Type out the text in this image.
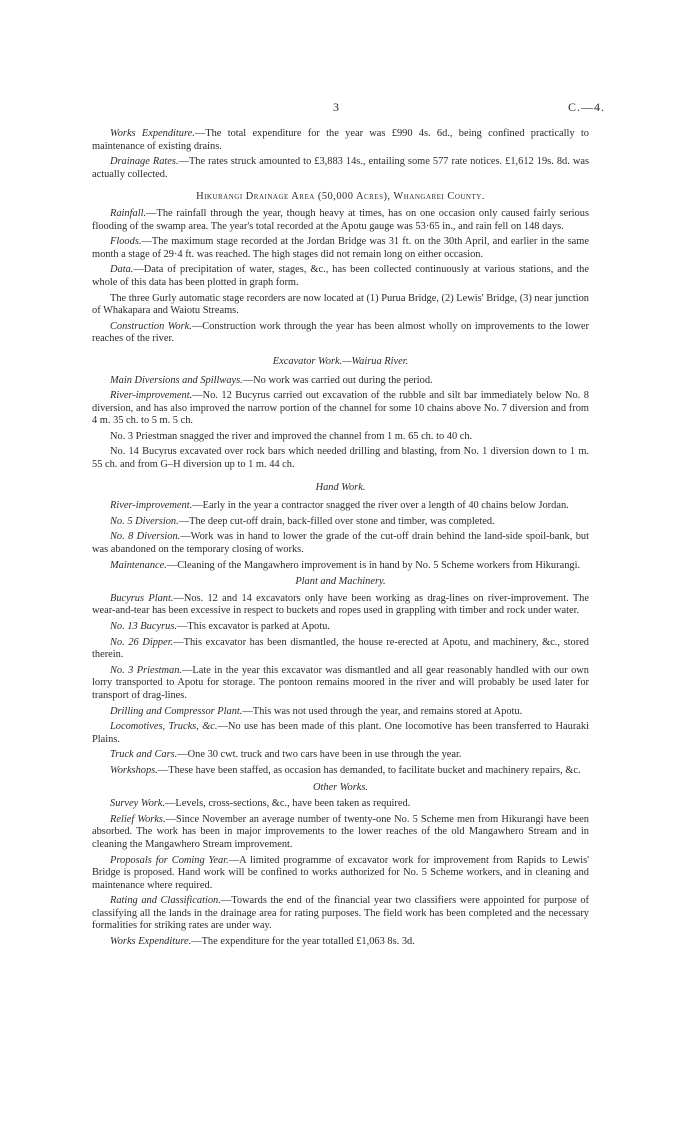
3	C.—4.

Works Expenditure.—The total expenditure for the year was £990 4s. 6d., being confined practically to maintenance of existing drains.

Drainage Rates.—The rates struck amounted to £3,883 14s., entailing some 577 rate notices. £1,612 19s. 8d. was actually collected.

Hikurangi Drainage Area (50,000 Acres), Whangarei County.

Rainfall.—The rainfall through the year, though heavy at times, has on one occasion only caused fairly serious flooding of the swamp area. The year's total recorded at the Apotu gauge was 53·65 in., and rain fell on 148 days.

Floods.—The maximum stage recorded at the Jordan Bridge was 31 ft. on the 30th April, and earlier in the same month a stage of 29·4 ft. was reached. The high stages did not remain long on either occasion.

Data.—Data of precipitation of water, stages, &c., has been collected continuously at various stations, and the whole of this data has been plotted in graph form.

The three Gurly automatic stage recorders are now located at (1) Purua Bridge, (2) Lewis' Bridge, (3) near junction of Whakapara and Waiotu Streams.

Construction Work.—Construction work through the year has been almost wholly on improvements to the lower reaches of the river.

Excavator Work.—Wairua River.

Main Diversions and Spillways.—No work was carried out during the period.

River-improvement.—No. 12 Bucyrus carried out excavation of the rubble and silt bar immediately below No. 8 diversion, and has also improved the narrow portion of the channel for some 10 chains above No. 7 diversion and from 4 m. 35 ch. to 5 m. 5 ch.

No. 3 Priestman snagged the river and improved the channel from 1 m. 65 ch. to 40 ch.

No. 14 Bucyrus excavated over rock bars which needed drilling and blasting, from No. 1 diversion down to 1 m. 55 ch. and from G–H diversion up to 1 m. 44 ch.

Hand Work.

River-improvement.—Early in the year a contractor snagged the river over a length of 40 chains below Jordan.

No. 5 Diversion.—The deep cut-off drain, back-filled over stone and timber, was completed.

No. 8 Diversion.—Work was in hand to lower the grade of the cut-off drain behind the land-side spoil-bank, but was abandoned on the temporary closing of works.

Maintenance.—Cleaning of the Mangawhero improvement is in hand by No. 5 Scheme workers from Hikurangi.

Plant and Machinery.

Bucyrus Plant.—Nos. 12 and 14 excavators only have been working as drag-lines on river-improvement. The wear-and-tear has been excessive in respect to buckets and ropes used in grappling with timber and rock under water.

No. 13 Bucyrus.—This excavator is parked at Apotu.

No. 26 Dipper.—This excavator has been dismantled, the house re-erected at Apotu, and machinery, &c., stored therein.

No. 3 Priestman.—Late in the year this excavator was dismantled and all gear reasonably handled with our own lorry transported to Apotu for storage. The pontoon remains moored in the river and will probably be used later for transport of drag-lines.

Drilling and Compressor Plant.—This was not used through the year, and remains stored at Apotu.

Locomotives, Trucks, &c.—No use has been made of this plant. One locomotive has been transferred to Hauraki Plains.

Truck and Cars.—One 30 cwt. truck and two cars have been in use through the year.

Workshops.—These have been staffed, as occasion has demanded, to facilitate bucket and machinery repairs, &c.

Other Works.

Survey Work.—Levels, cross-sections, &c., have been taken as required.

Relief Works.—Since November an average number of twenty-one No. 5 Scheme men from Hikurangi have been absorbed. The work has been in major improvements to the lower reaches of the old Mangawhero Stream and in cleaning the Mangawhero Stream improvement.

Proposals for Coming Year.—A limited programme of excavator work for improvement from Rapids to Lewis' Bridge is proposed. Hand work will be confined to works authorized for No. 5 Scheme workers, and in cleaning and maintenance where required.

Rating and Classification.—Towards the end of the financial year two classifiers were appointed for purpose of classifying all the lands in the drainage area for rating purposes. The field work has been completed and the necessary formalities for striking rates are under way.

Works Expenditure.—The expenditure for the year totalled £1,063 8s. 3d.
